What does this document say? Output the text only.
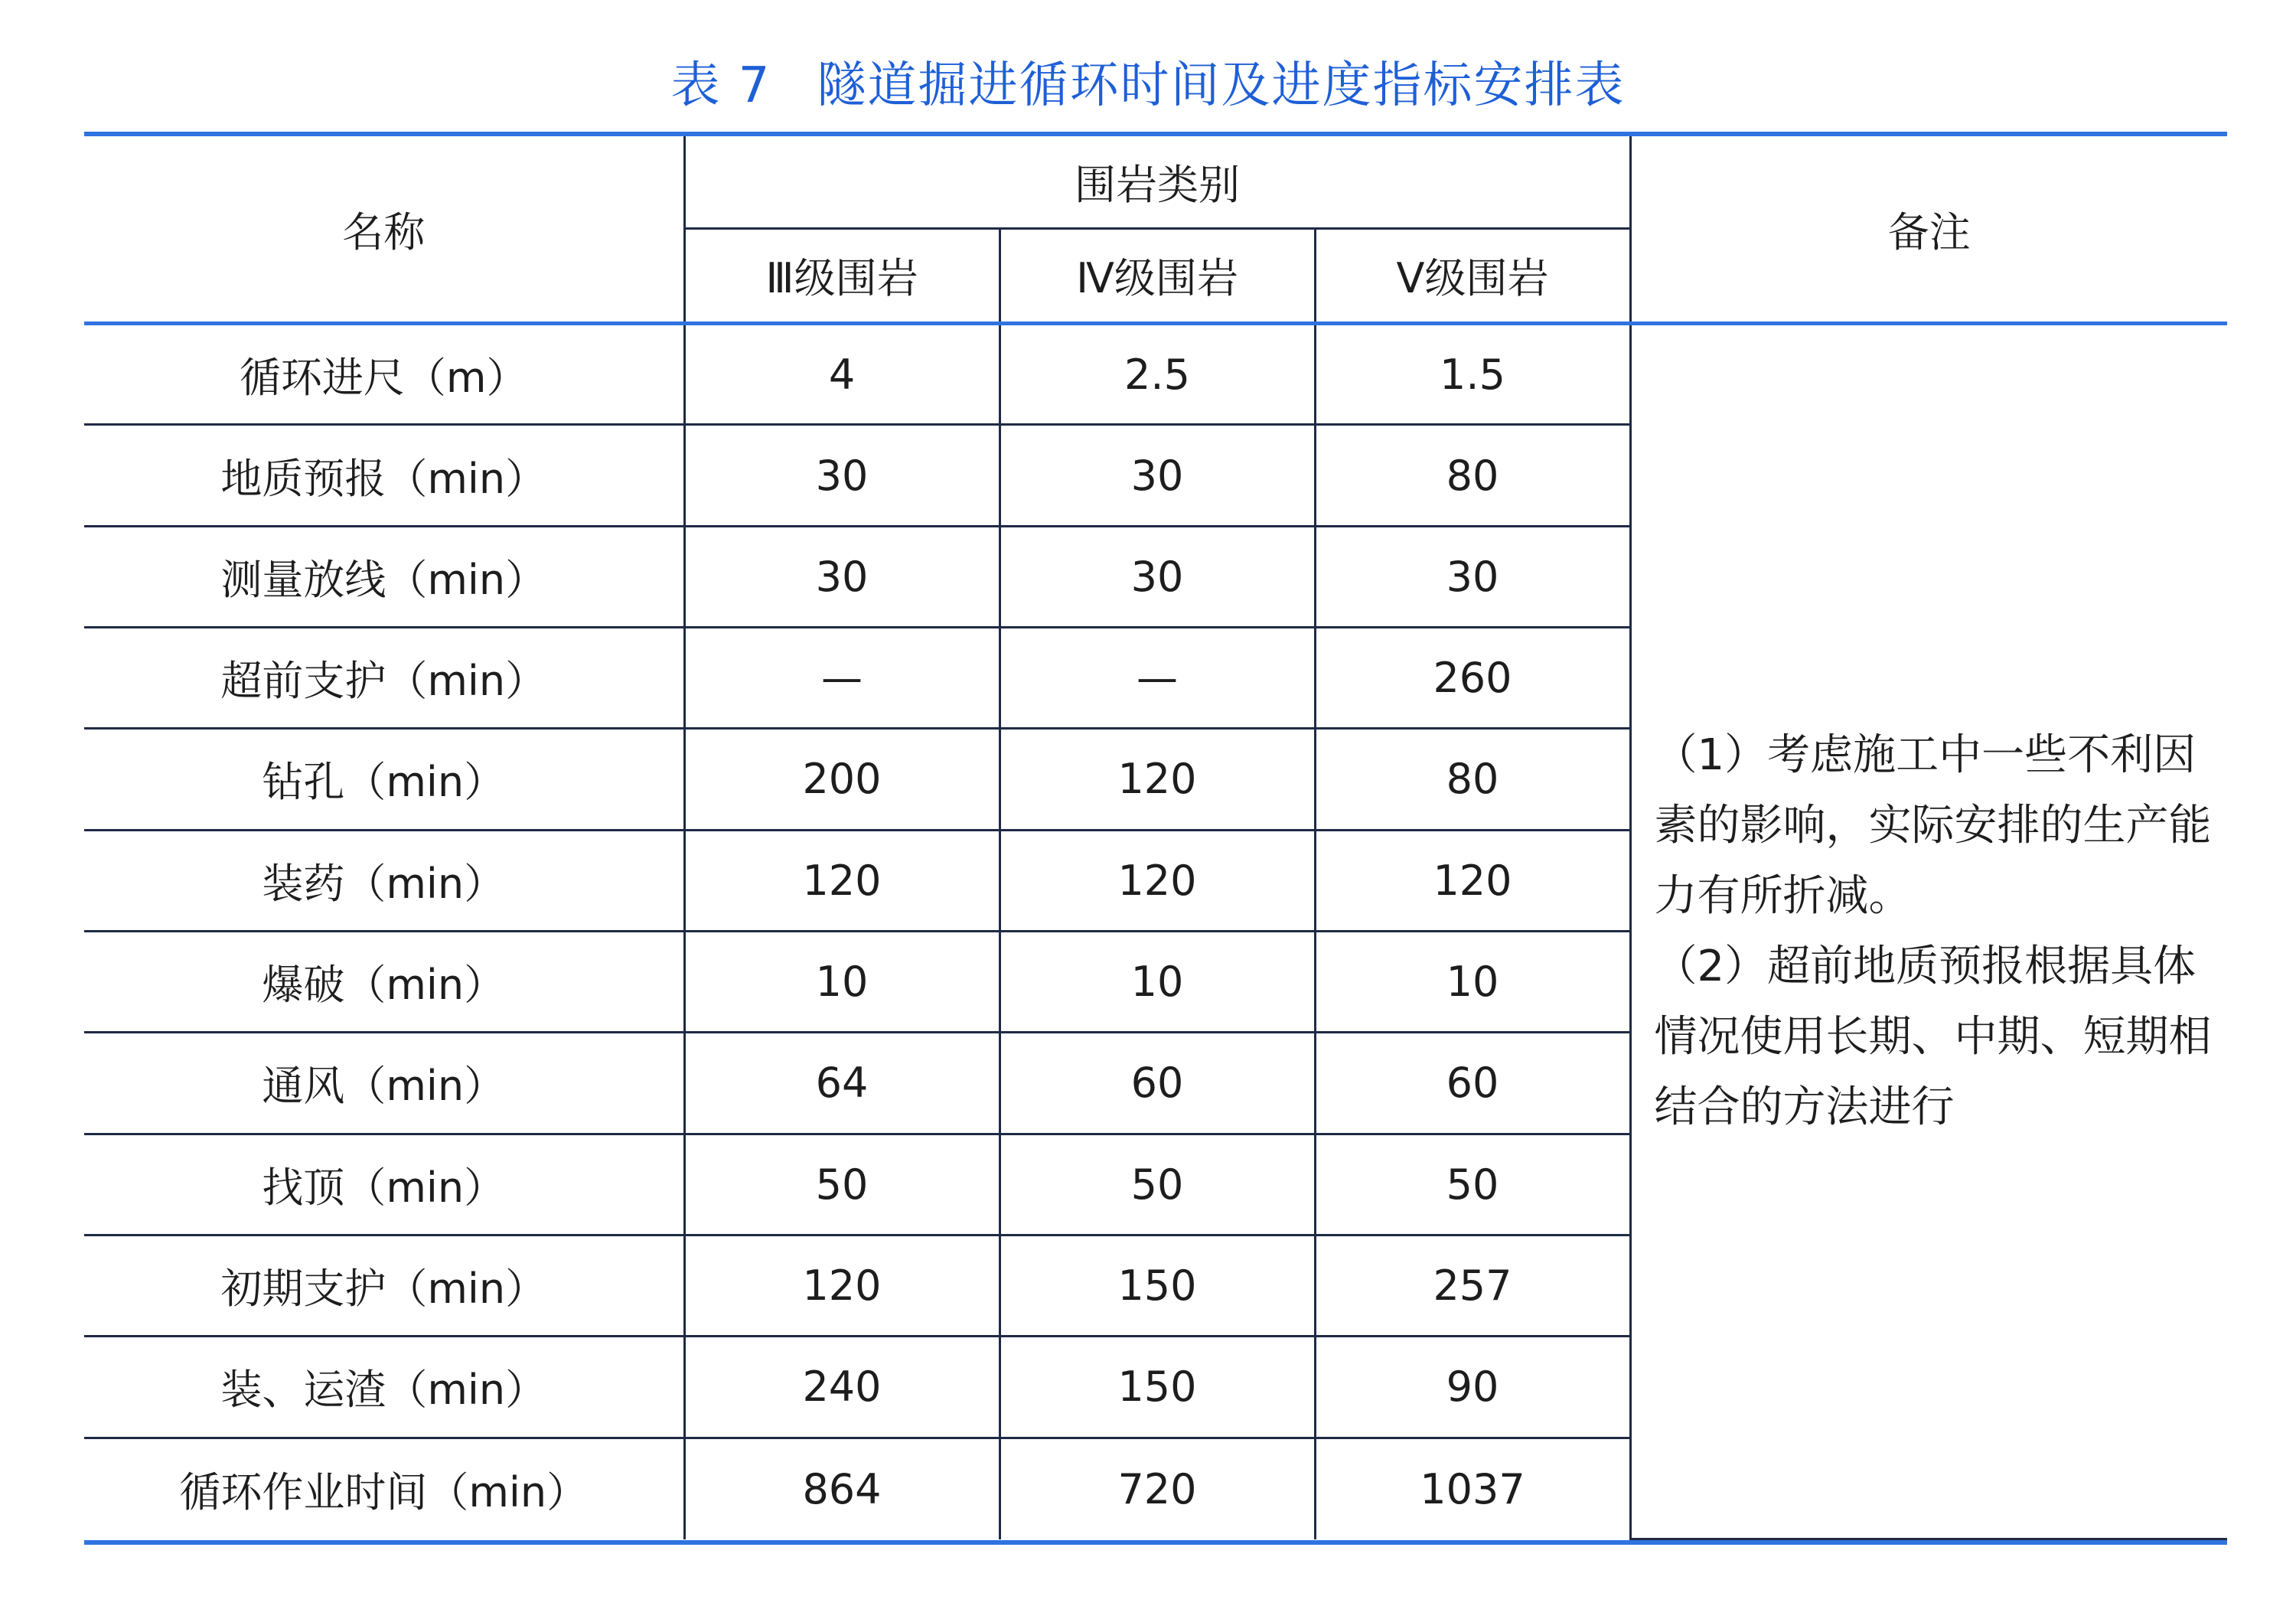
表 7 隧道掘进循环时间及进度指标安排表
名称	围岩类别			备注
	Ⅲ级围岩	Ⅳ级围岩	Ⅴ级围岩	
循环进尺（m）	4	2.5	1.5	（1）考虑施工中一些不利因素的影响，实际安排的生产能力有所折减。
（2）超前地质预报根据具体情况使用长期、中期、短期相结合的方法进行

地质预报（min）	30	30	80	
测量放线（min）	30	30	30	
超前支护（min）	—	—	260	
钻孔（min）	200	120	80	
装药（min）	120	120	120	
爆破（min）	10	10	10	
通风（min）	64	60	60	
找顶（min）	50	50	50	
初期支护（min）	120	150	257	
装、运渣（min）	240	150	90	
循环作业时间（min）	864	720	1037	
